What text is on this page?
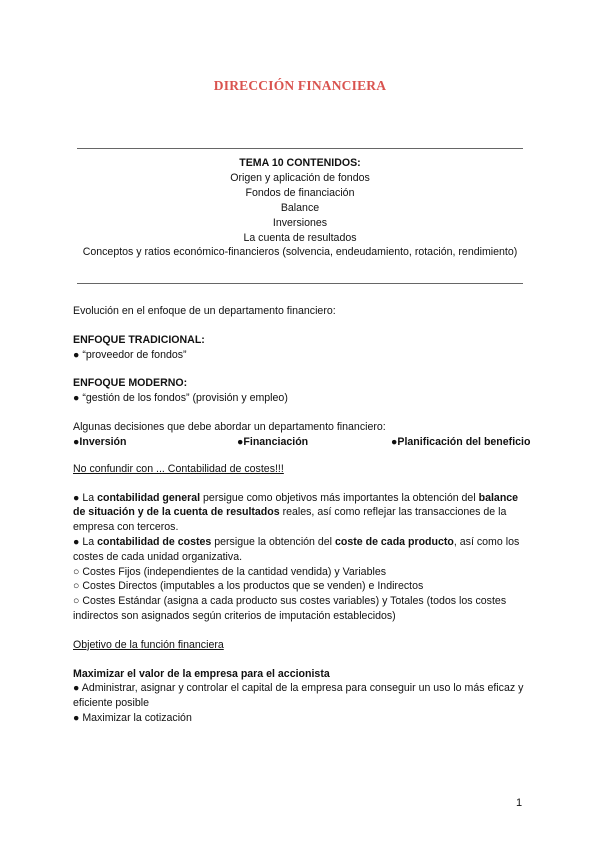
DIRECCIÓN FINANCIERA
TEMA 10 CONTENIDOS:
Origen y aplicación de fondos
Fondos de financiación
Balance
Inversiones
La cuenta de resultados
Conceptos y ratios económico-financieros (solvencia, endeudamiento, rotación, rendimiento)

Evolución en el enfoque de un departamento financiero:

ENFOQUE TRADICIONAL:

● “proveedor de fondos”

ENFOQUE MODERNO:

● “gestión de los fondos” (provisión y empleo)

Algunas decisiones que debe abordar un departamento financiero:

●Inversión	●Financiación	●Planificación del beneficio

No confundir con ... Contabilidad de costes!!!

● La contabilidad general persigue como objetivos más importantes la obtención del balance de situación y de la cuenta de resultados reales, así como reflejar las transacciones de la empresa con terceros.

● La contabilidad de costes persigue la obtención del coste de cada producto, así como los costes de cada unidad organizativa.

○ Costes Fijos (independientes de la cantidad vendida) y Variables

○ Costes Directos (imputables a los productos que se venden) e Indirectos

○ Costes Estándar (asigna a cada producto sus costes variables) y Totales (todos los costes indirectos son asignados según criterios de imputación establecidos)

Objetivo de la función financiera

Maximizar el valor de la empresa para el accionista

● Administrar, asignar y controlar el capital de la empresa para conseguir un uso lo más eficaz y eficiente posible

● Maximizar la cotización

1
